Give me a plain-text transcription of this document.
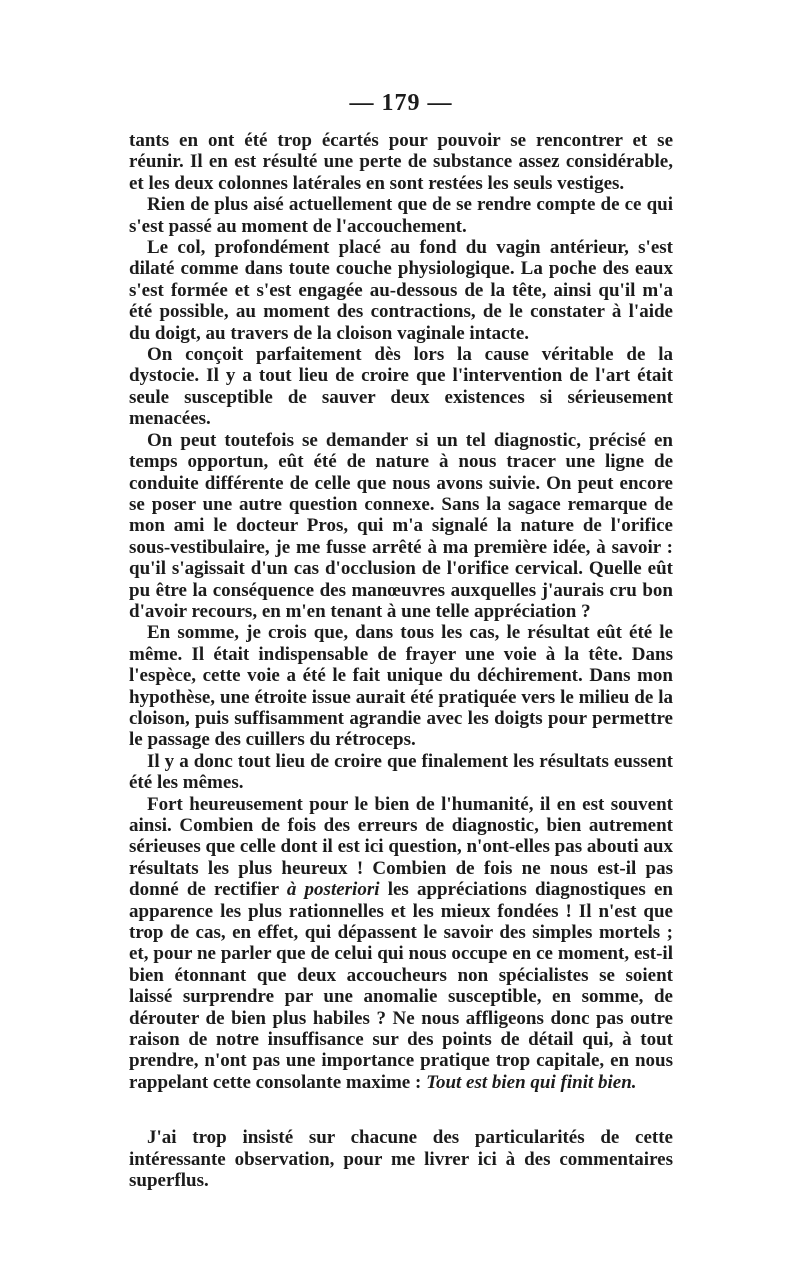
— 179 —

tants en ont été trop écartés pour pouvoir se rencontrer et se réunir. Il en est résulté une perte de substance assez considérable, et les deux colonnes latérales en sont restées les seuls vestiges.

Rien de plus aisé actuellement que de se rendre compte de ce qui s'est passé au moment de l'accouchement.

Le col, profondément placé au fond du vagin antérieur, s'est dilaté comme dans toute couche physiologique. La poche des eaux s'est formée et s'est engagée au-dessous de la tête, ainsi qu'il m'a été possible, au moment des contractions, de le constater à l'aide du doigt, au travers de la cloison vaginale intacte.

On conçoit parfaitement dès lors la cause véritable de la dystocie. Il y a tout lieu de croire que l'intervention de l'art était seule susceptible de sauver deux existences si sérieusement menacées.

On peut toutefois se demander si un tel diagnostic, précisé en temps opportun, eût été de nature à nous tracer une ligne de conduite différente de celle que nous avons suivie. On peut encore se poser une autre question connexe. Sans la sagace remarque de mon ami le docteur Pros, qui m'a signalé la nature de l'orifice sous-vestibulaire, je me fusse arrêté à ma première idée, à savoir : qu'il s'agissait d'un cas d'occlusion de l'orifice cervical. Quelle eût pu être la conséquence des manœuvres auxquelles j'aurais cru bon d'avoir recours, en m'en tenant à une telle appréciation ?

En somme, je crois que, dans tous les cas, le résultat eût été le même. Il était indispensable de frayer une voie à la tête. Dans l'espèce, cette voie a été le fait unique du déchirement. Dans mon hypothèse, une étroite issue aurait été pratiquée vers le milieu de la cloison, puis suffisamment agrandie avec les doigts pour permettre le passage des cuillers du rétroceps.

Il y a donc tout lieu de croire que finalement les résultats eussent été les mêmes.

Fort heureusement pour le bien de l'humanité, il en est souvent ainsi. Combien de fois des erreurs de diagnostic, bien autrement sérieuses que celle dont il est ici question, n'ont-elles pas abouti aux résultats les plus heureux ! Combien de fois ne nous est-il pas donné de rectifier à posteriori les appréciations diagnostiques en apparence les plus rationnelles et les mieux fondées ! Il n'est que trop de cas, en effet, qui dépassent le savoir des simples mortels ; et, pour ne parler que de celui qui nous occupe en ce moment, est-il bien étonnant que deux accoucheurs non spécialistes se soient laissé surprendre par une anomalie susceptible, en somme, de dérouter de bien plus habiles ? Ne nous affligeons donc pas outre raison de notre insuffisance sur des points de détail qui, à tout prendre, n'ont pas une importance pratique trop capitale, en nous rappelant cette consolante maxime : Tout est bien qui finit bien.

J'ai trop insisté sur chacune des particularités de cette intéressante observation, pour me livrer ici à des commentaires superflus.
